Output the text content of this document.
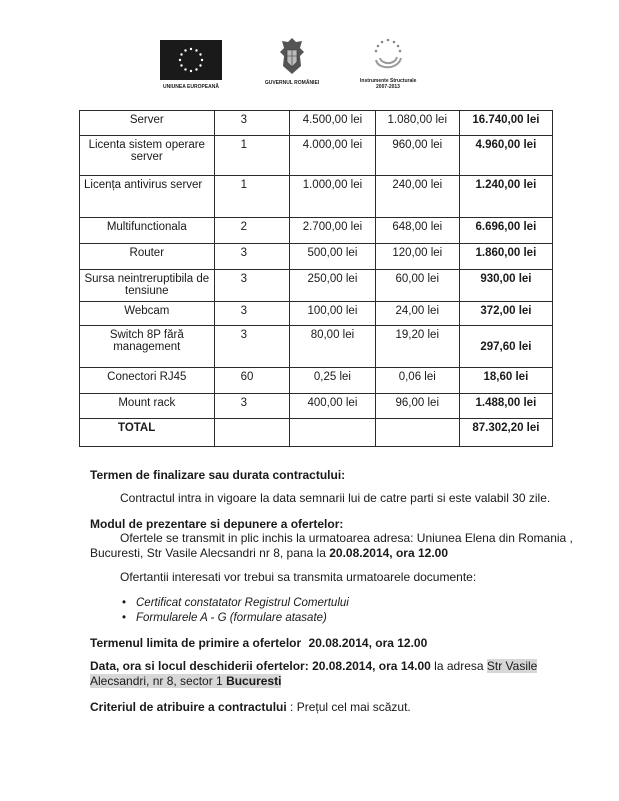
UNIUNEA EUROPEANĂ
GUVERNUL ROMÂNIEI	Instrumente Structurale
2007-2013
Server	3	4.500,00 lei	1.080,00 lei	16.740,00 lei
Licenta sistem operare server	1	4.000,00 lei	960,00 lei	4.960,00 lei
Licența antivirus server	1	1.000,00 lei	240,00 lei	1.240,00 lei
Multifunctionala	2	2.700,00 lei	648,00 lei	6.696,00 lei
Router	3	500,00 lei	120,00 lei	1.860,00 lei
Sursa neintreruptibila de tensiune	3	250,00 lei	60,00 lei	930,00 lei
Webcam	3	100,00 lei	24,00 lei	372,00 lei
Switch 8P fără management	3	80,00 lei	19,20 lei	297,60 lei
Conectori RJ45	60	0,25 lei	0,06 lei	18,60 lei
Mount rack	3	400,00 lei	96,00 lei	1.488,00 lei
TOTAL				87.302,20 lei
Termen de finalizare sau durata contractului:
Contractul intra in vigoare la data semnarii lui de catre parti si este valabil 30 zile.
Modul de prezentare si depunere a ofertelor:
Ofertele se transmit in plic inchis la urmatoarea adresa: Uniunea Elena din Romania ,
Bucuresti, Str Vasile Alecsandri nr 8, pana la 20.08.2014, ora 12.00
Ofertantii interesati vor trebui sa transmita urmatoarele documente:
• Certificat constatator Registrul Comertului
• Formularele A - G (formulare atasate)
Termenul limita de primire a ofertelor 20.08.2014, ora 12.00
Data, ora si locul deschiderii ofertelor: 20.08.2014, ora 14.00 la adresa Str Vasile
Alecsandri, nr 8, sector 1 Bucuresti
Criteriul de atribuire a contractului : Prețul cel mai scăzut.
